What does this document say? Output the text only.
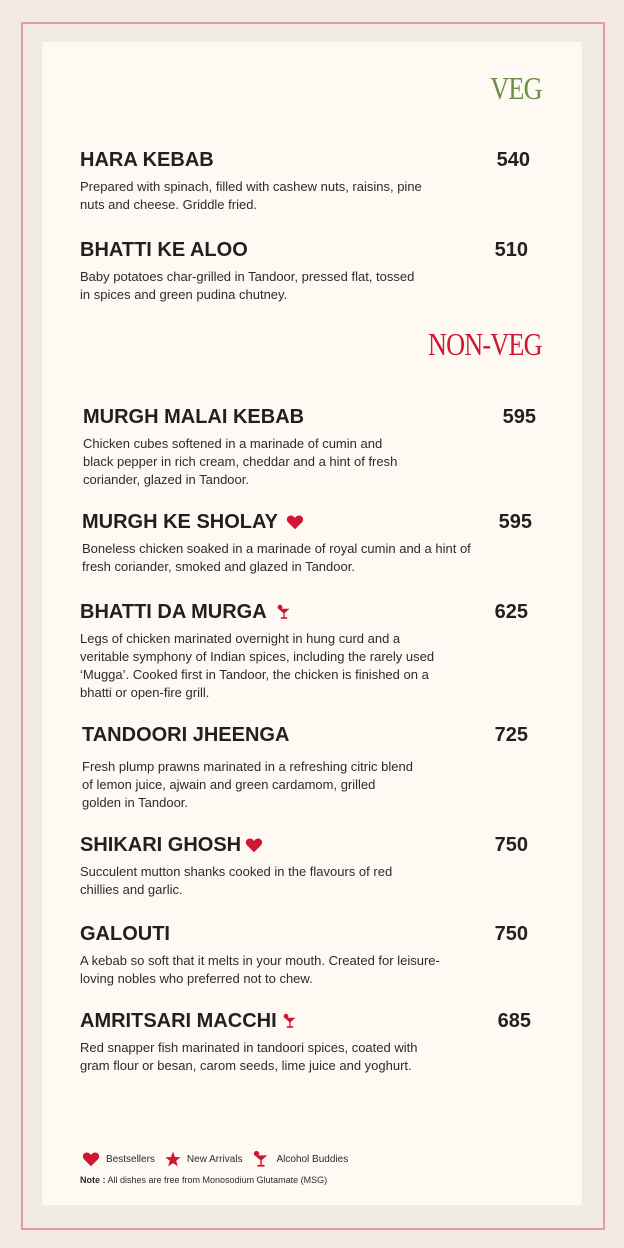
VEG
HARA KEBAB	540
Prepared with spinach, filled with cashew nuts, raisins, pine nuts and cheese. Griddle fried.
BHATTI KE ALOO	510
Baby potatoes char-grilled in Tandoor, pressed flat, tossed in spices and green pudina chutney.
NON-VEG
MURGH MALAI KEBAB	595
Chicken cubes softened in a marinade of cumin and black pepper in rich cream, cheddar and a hint of fresh coriander, glazed in Tandoor.
MURGH KE SHOLAY	595
Boneless chicken soaked in a marinade of royal cumin and a hint of fresh coriander, smoked and glazed in Tandoor.
BHATTI DA MURGA	625
Legs of chicken marinated overnight in hung curd and a veritable symphony of Indian spices, including the rarely used ‘Mugga’. Cooked first in Tandoor, the chicken is finished on a bhatti or open-fire grill.
TANDOORI JHEENGA	725
Fresh plump prawns marinated in a refreshing citric blend of lemon juice, ajwain and green cardamom, grilled golden in Tandoor.
SHIKARI GHOSH	750
Succulent mutton shanks cooked in the flavours of red chillies and garlic.
GALOUTI	750
A kebab so soft that it melts in your mouth. Created for leisure-loving nobles who preferred not to chew.
AMRITSARI MACCHI	685
Red snapper fish marinated in tandoori spices, coated with gram flour or besan, carom seeds, lime juice and yoghurt.
Bestsellers	New Arrivals	Alcohol Buddies
Note : All dishes are free from Monosodium Glutamate (MSG)
